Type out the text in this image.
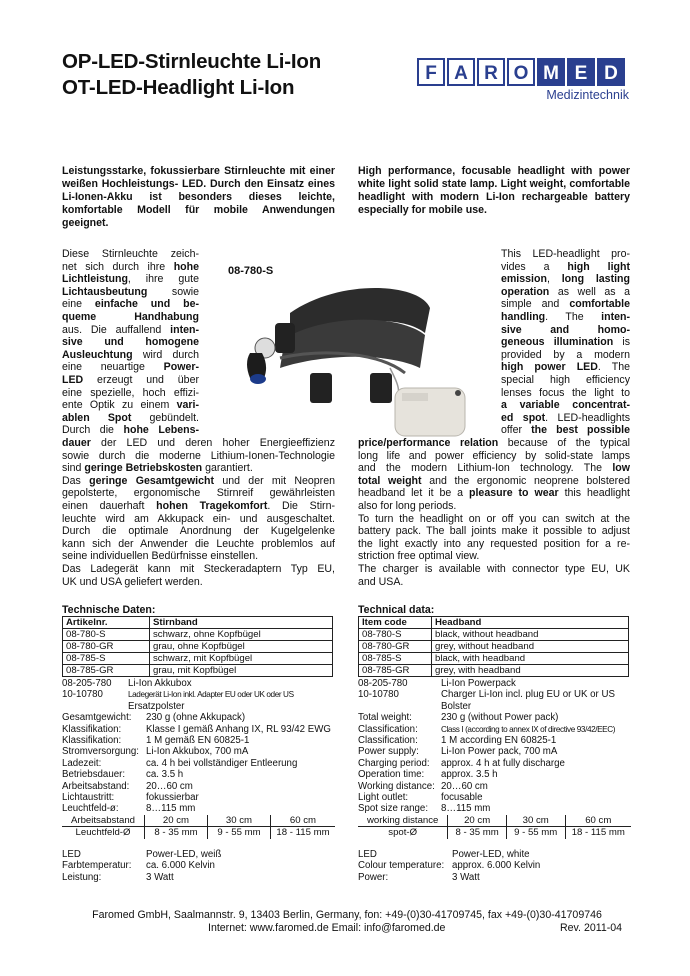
OP-LED-Stirnleuchte Li-Ion
OT-LED-Headlight Li-Ion
F A R O M E D
Medizintechnik
Leistungsstarke, fokussierbare Stirnleuchte mit einer weißen Hochleistungs- LED. Durch den Einsatz eines Li-Ionen-Akku ist besonders dieses leichte, komfortable Modell für mobile Anwendungen geeignet.
High performance, focusable headlight with power white light solid state lamp. Light weight, comfortable headlight with modern Li-Ion rechargeable battery especially for mobile use.
08-780-S
Diese Stirnleuchte zeich-
net sich durch ihre hohe
Lichtleistung, ihre gute
Lichtausbeutung sowie
eine einfache und be-
queme Handhabung
aus. Die auffallend inten-
sive und homogene
Ausleuchtung wird durch
eine neuartige Power-
LED erzeugt und über
eine spezielle, hoch effizi-
ente Optik zu einem vari-
ablen Spot gebündelt.
Durch die hohe Lebens-
dauer der LED und deren hoher Energieeffizienz
sowie durch die moderne Lithium-Ionen-Technologie
sind geringe Betriebskosten garantiert.
Das geringe Gesamtgewicht und der mit Neopren
gepolsterte, ergonomische Stirnreif gewährleisten
einen dauerhaft hohen Tragekomfort. Die Stirn-
leuchte wird am Akkupack ein- und ausgeschaltet.
Durch die optimale Anordnung der Kugelgelenke
kann sich der Anwender die Leuchte problemlos auf
seine individuellen Bedürfnisse einstellen.
Das Ladegerät kann mit Steckeradaptern Typ EU,
UK und USA geliefert werden.
This LED-headlight pro-
vides a high light
emission, long lasting
operation as well as a
simple and comfortable
handling. The inten-
sive and homo-
geneous illumination is
provided by a modern
high power LED. The
special high efficiency
lenses focus the light to
a variable concentrat-
ed spot. LED-headlights
offer the best possible
price/performance relation because of the typical
long life and power efficiency by solid-state lamps
and the modern Lithium-Ion technology. The low
total weight and the ergonomic neoprene bolstered
headband let it be a pleasure to wear this headlight
also for long periods.
To turn the headlight on or off you can switch at the
battery pack. The ball joints make it possible to adjust
the light exactly into any requested position for a re-
striction free optimal view.
The charger is available with connector type EU, UK
and USA.
Technische Daten:
Artikelnr.	Stirnband
08-780-S	schwarz, ohne Kopfbügel
08-780-GR	grau, ohne Kopfbügel
08-785-S	schwarz, mit Kopfbügel
08-785-GR	grau, mit Kopfbügel
08-205-780	Li-Ion Akkubox
10-10780	Ladegerät Li-Ion inkl. Adapter EU oder UK oder US
Ersatzpolster
Gesamtgewicht:	230 g (ohne Akkupack)
Klassifikation:	Klasse I gemäß Anhang IX, RL 93/42 EWG
Klassifikation:	1 M gemäß EN 60825-1
Stromversorgung: Li-Ion Akkubox, 700 mA
Ladezeit:	ca. 4 h bei vollständiger Entleerung
Betriebsdauer:	ca. 3.5 h
Arbeitsabstand:	20…60 cm
Lichtaustritt:	fokussierbar
Leuchtfeld-ø:	8…115 mm
Arbeitsabstand	20 cm	30 cm	60 cm
Leuchtfeld-Ø	8 - 35 mm	9 - 55 mm	18 - 115 mm
LED	Power-LED, weiß
Farbtemperatur:	ca. 6.000 Kelvin
Leistung:	3 Watt
Technical data:
Item code	Headband
08-780-S	black, without headband
08-780-GR	grey, without headband
08-785-S	black, with headband
08-785-GR	grey, with headband
08-205-780	Li-Ion Powerpack
10-10780	Charger Li-Ion incl. plug EU or UK or US
Bolster
Total weight:	230 g (without Power pack)
Classification:	Class I (according to annex IX of directive 93/42/EEC)
Classification:	1 M according EN 60825-1
Power supply:	Li-Ion Power pack, 700 mA
Charging period:	approx. 4 h at fully discharge
Operation time:	approx. 3.5 h
Working distance: 20…60 cm
Light outlet:	focusable
Spot size range:	8…115 mm
working distance	20 cm	30 cm	60 cm
spot-Ø	8 - 35 mm	9 - 55 mm	18 - 115 mm
LED	Power-LED, white
Colour temperature: approx. 6.000 Kelvin
Power:	3 Watt
Faromed GmbH, Saalmannstr. 9, 13403 Berlin, Germany, fon: +49-(0)30-41709745, fax +49-(0)30-41709746
Internet: www.faromed.de Email: info@faromed.de	Rev. 2011-04
